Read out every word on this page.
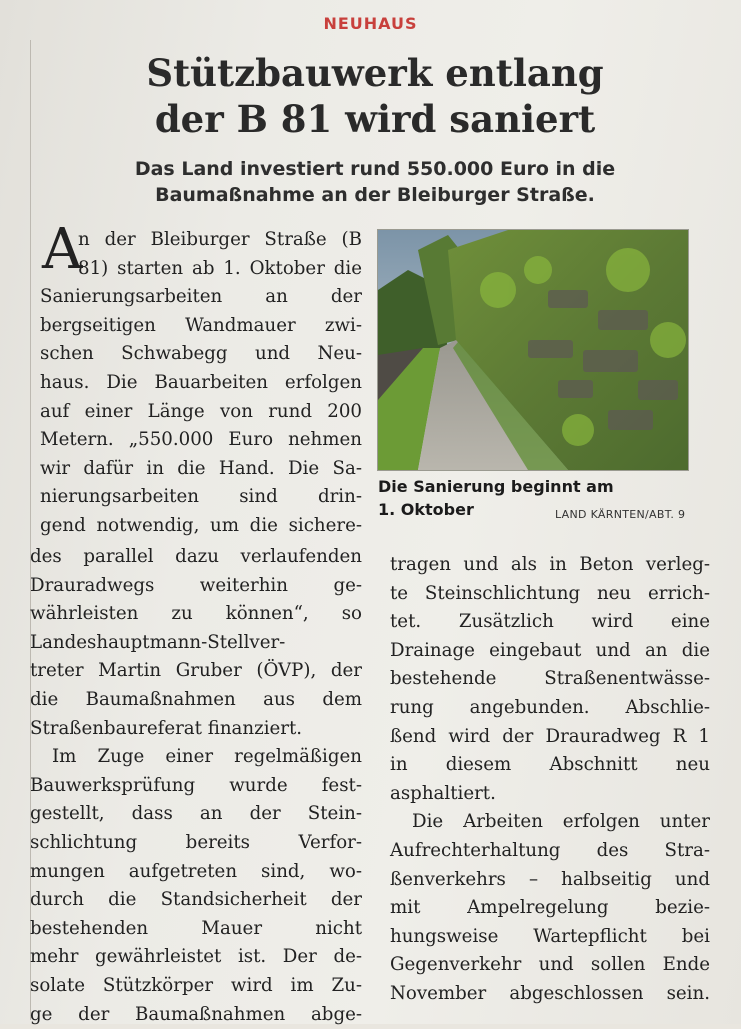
NEUHAUS
Stützbauwerk entlang
der B 81 wird saniert
Das Land investiert rund 550.000 Euro in die
Baumaßnahme an der Bleiburger Straße.
A
n der Bleiburger Straße (B
81) starten ab 1. Oktober die
Sanierungsarbeiten an der
bergseitigen Wandmauer zwi-
schen Schwabegg und Neu-
haus. Die Bauarbeiten erfolgen
auf einer Länge von rund 200
Metern. „550.000 Euro nehmen
wir dafür in die Hand. Die Sa-
nierungsarbeiten sind drin-
gend notwendig, um die sichere-
des parallel dazu verlaufenden
Drauradwegs weiterhin ge-
währleisten zu können“, so
Landeshauptmann-Stellver-
treter Martin Gruber (ÖVP), der
die Baumaßnahmen aus dem
Straßenbaureferat finanziert.
Im Zuge einer regelmäßigen
Bauwerksprüfung wurde fest-
gestellt, dass an der Stein-
schlichtung bereits Verfor-
mungen aufgetreten sind, wo-
durch die Standsicherheit der
bestehenden Mauer nicht
mehr gewährleistet ist. Der de-
solate Stützkörper wird im Zu-
ge der Baumaßnahmen abge-
Die Sanierung beginnt am
1. Oktober	LAND KÄRNTEN/ABT. 9
tragen und als in Beton verleg-
te Steinschlichtung neu errich-
tet. Zusätzlich wird eine
Drainage eingebaut und an die
bestehende Straßenentwässe-
rung angebunden. Abschlie-
ßend wird der Drauradweg R 1
in diesem Abschnitt neu
asphaltiert.
Die Arbeiten erfolgen unter
Aufrechterhaltung des Stra-
ßenverkehrs – halbseitig und
mit Ampelregelung bezie-
hungsweise Wartepflicht bei
Gegenverkehr und sollen Ende
November abgeschlossen sein.
